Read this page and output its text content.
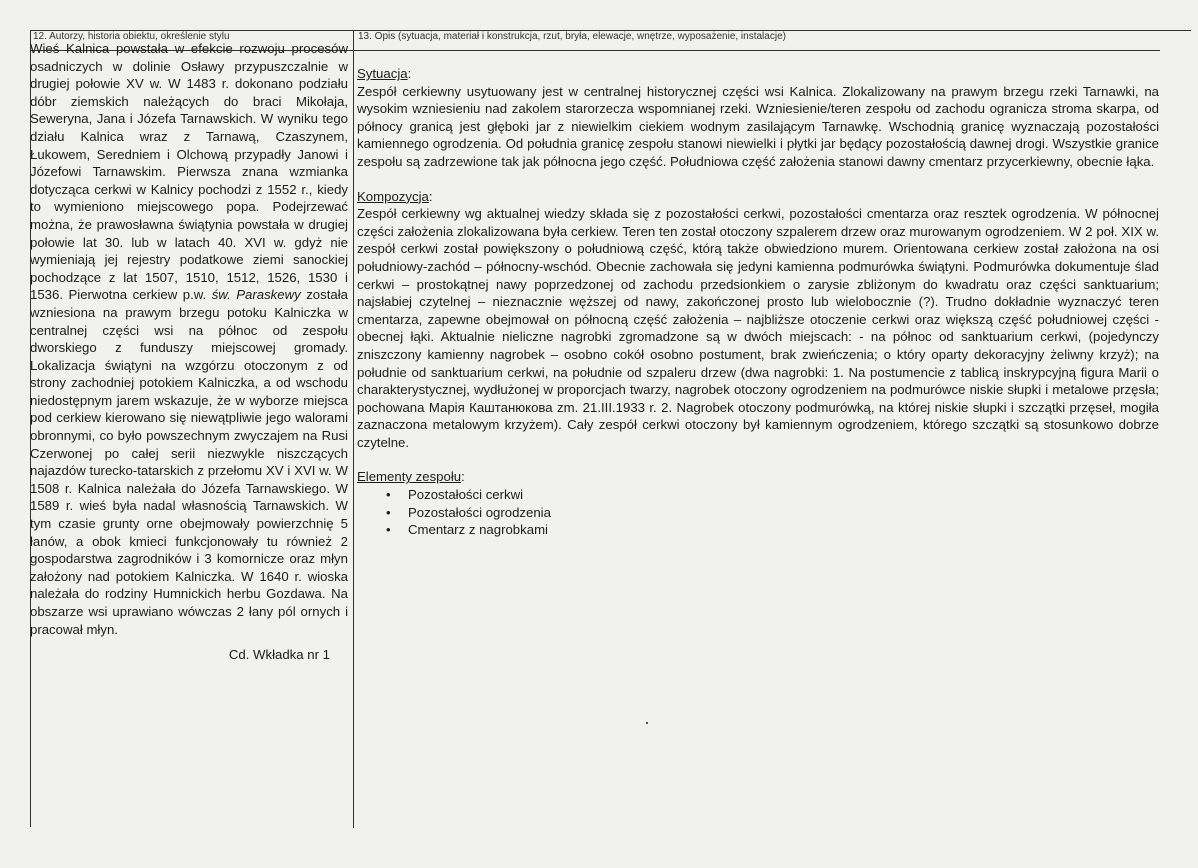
12. Autorzy, historia obiektu, określenie stylu	13. Opis (sytuacja, materiał i konstrukcja, rzut, bryła, elewacje, wnętrze, wyposażenie, instalacje)

Wieś Kalnica powstała w efekcie rozwoju procesów osadniczych w dolinie Osławy przypuszczalnie w drugiej połowie XV w. W 1483 r. dokonano podziału dóbr ziemskich należących do braci Mikołaja, Seweryna, Jana i Józefa Tarnawskich. W wyniku tego działu Kalnica wraz z Tarnawą, Czaszynem, Łukowem, Seredniem i Olchową przypadły Janowi i Józefowi Tarnawskim. Pierwsza znana wzmianka dotycząca cerkwi w Kalnicy pochodzi z 1552 r., kiedy to wymieniono miejscowego popa. Podejrzewać można, że prawosławna świątynia powstała w drugiej połowie lat 30. lub w latach 40. XVI w. gdyż nie wymieniają jej rejestry podatkowe ziemi sanockiej pochodzące z lat 1507, 1510, 1512, 1526, 1530 i 1536. Pierwotna cerkiew p.w. św. Paraskewy została wzniesiona na prawym brzegu potoku Kalniczka w centralnej części wsi na północ od zespołu dworskiego z funduszy miejscowej gromady. Lokalizacja świątyni na wzgórzu otoczonym z od strony zachodniej potokiem Kalniczka, a od wschodu niedostępnym jarem wskazuje, że w wyborze miejsca pod cerkiew kierowano się niewątpliwie jego walorami obronnymi, co było powszechnym zwyczajem na Rusi Czerwonej po całej serii niezwykle niszczących najazdów turecko-tatarskich z przełomu XV i XVI w. W 1508 r. Kalnica należała do Józefa Tarnawskiego. W 1589 r. wieś była nadal własnością Tarnawskich. W tym czasie grunty orne obejmowały powierzchnię 5 łanów, a obok kmieci funkcjonowały tu również 2 gospodarstwa zagrodników i 3 komornicze oraz młyn założony nad potokiem Kalniczka. W 1640 r. wioska należała do rodziny Humnickich herbu Gozdawa. Na obszarze wsi uprawiano wówczas 2 łany pól ornych i pracował młyn.

Cd. Wkładka nr 1

Sytuacja:

Zespół cerkiewny usytuowany jest w centralnej historycznej części wsi Kalnica. Zlokalizowany na prawym brzegu rzeki Tarnawki, na wysokim wzniesieniu nad zakolem starorzecza wspomnianej rzeki. Wzniesienie/teren zespołu od zachodu ogranicza stroma skarpa, od północy granicą jest głęboki jar z niewielkim ciekiem wodnym zasilającym Tarnawkę. Wschodnią granicę wyznaczają pozostałości kamiennego ogrodzenia. Od południa granicę zespołu stanowi niewielki i płytki jar będący pozostałością dawnej drogi. Wszystkie granice zespołu są zadrzewione tak jak północna jego część. Południowa część założenia stanowi dawny cmentarz przycerkiewny, obecnie łąka.

Kompozycja:

Zespół cerkiewny wg aktualnej wiedzy składa się z pozostałości cerkwi, pozostałości cmentarza oraz resztek ogrodzenia. W północnej części założenia zlokalizowana była cerkiew. Teren ten został otoczony szpalerem drzew oraz murowanym ogrodzeniem. W 2 poł. XIX w. zespół cerkwi został powiększony o południową część, którą także obwiedziono murem. Orientowana cerkiew został założona na osi południowy-zachód – północny-wschód. Obecnie zachowała się jedyni kamienna podmurówka świątyni. Podmurówka dokumentuje ślad cerkwi – prostokątnej nawy poprzedzonej od zachodu przedsionkiem o zarysie zbliżonym do kwadratu oraz części sanktuarium; najsłabiej czytelnej – nieznacznie węższej od nawy, zakończonej prosto lub wielobocznie (?). Trudno dokładnie wyznaczyć teren cmentarza, zapewne obejmował on północną część założenia – najbliższe otoczenie cerkwi oraz większą część południowej części - obecnej łąki. Aktualnie nieliczne nagrobki zgromadzone są w dwóch miejscach: - na północ od sanktuarium cerkwi, (pojedynczy zniszczony kamienny nagrobek – osobno cokół osobno postument, brak zwieńczenia; o który oparty dekoracyjny żeliwny krzyż); na południe od sanktuarium cerkwi, na południe od szpaleru drzew (dwa nagrobki: 1. Na postumencie z tablicą inskrypcyjną figura Marii o charakterystycznej, wydłużonej w proporcjach twarzy, nagrobek otoczony ogrodzeniem na podmurówce niskie słupki i metalowe przęsła; pochowana Марія Каштанюкова zm. 21.III.1933 r. 2. Nagrobek otoczony podmurówką, na której niskie słupki i szczątki przęseł, mogiła zaznaczona metalowym krzyżem). Cały zespół cerkwi otoczony był kamiennym ogrodzeniem, którego szczątki są stosunkowo dobrze czytelne.

Elementy zespołu:

• Pozostałości cerkwi
• Pozostałości ogrodzenia
• Cmentarz z nagrobkami
